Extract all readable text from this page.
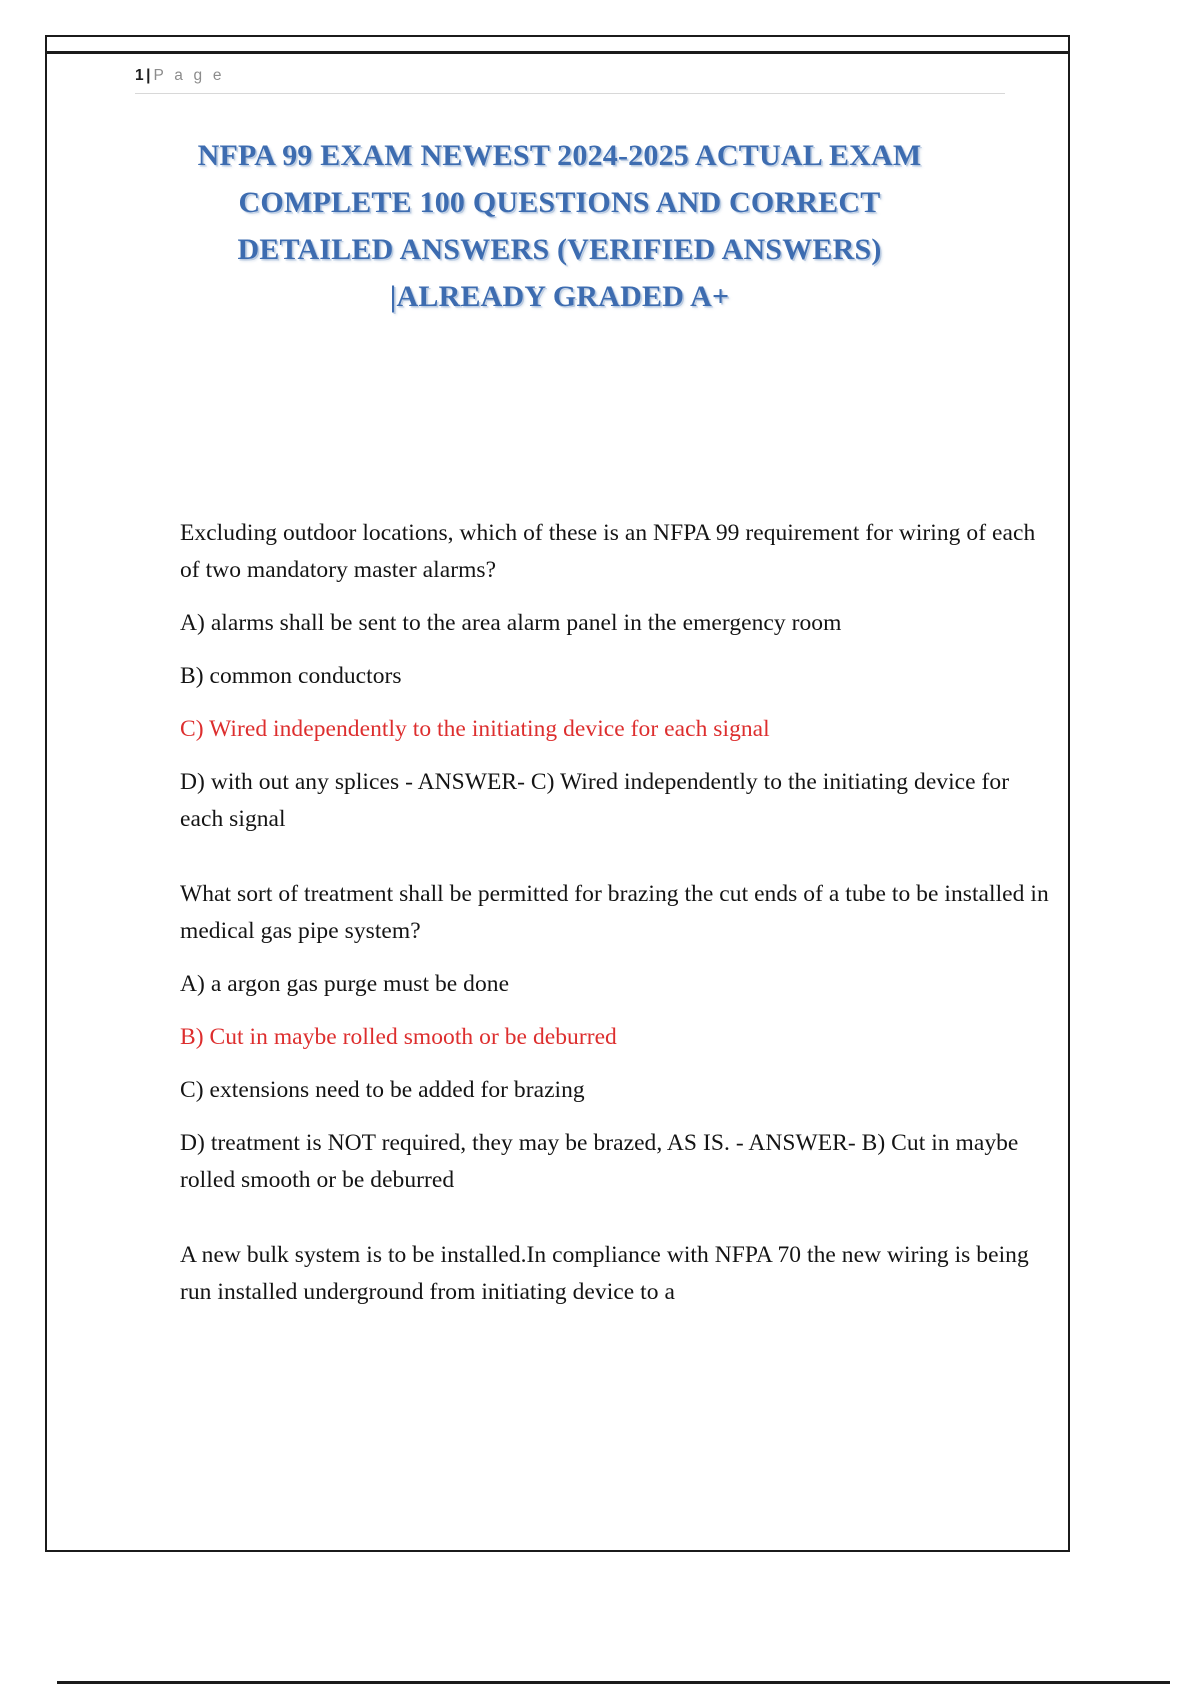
1 | P a g e
NFPA 99 EXAM NEWEST 2024-2025 ACTUAL EXAM
COMPLETE 100 QUESTIONS AND CORRECT
DETAILED ANSWERS (VERIFIED ANSWERS)
|ALREADY GRADED A+

Excluding outdoor locations, which of these is an NFPA 99 requirement for wiring of each of two mandatory master alarms?

A) alarms shall be sent to the area alarm panel in the emergency room

B) common conductors

C) Wired independently to the initiating device for each signal

D) with out any splices - ANSWER- C) Wired independently to the initiating device for each signal

What sort of treatment shall be permitted for brazing the cut ends of a tube to be installed in medical gas pipe system?

A) a argon gas purge must be done

B) Cut in maybe rolled smooth or be deburred

C) extensions need to be added for brazing

D) treatment is NOT required, they may be brazed, AS IS. - ANSWER- B) Cut in maybe rolled smooth or be deburred

A new bulk system is to be installed.In compliance with NFPA 70 the new wiring is being run installed underground from initiating device to a
